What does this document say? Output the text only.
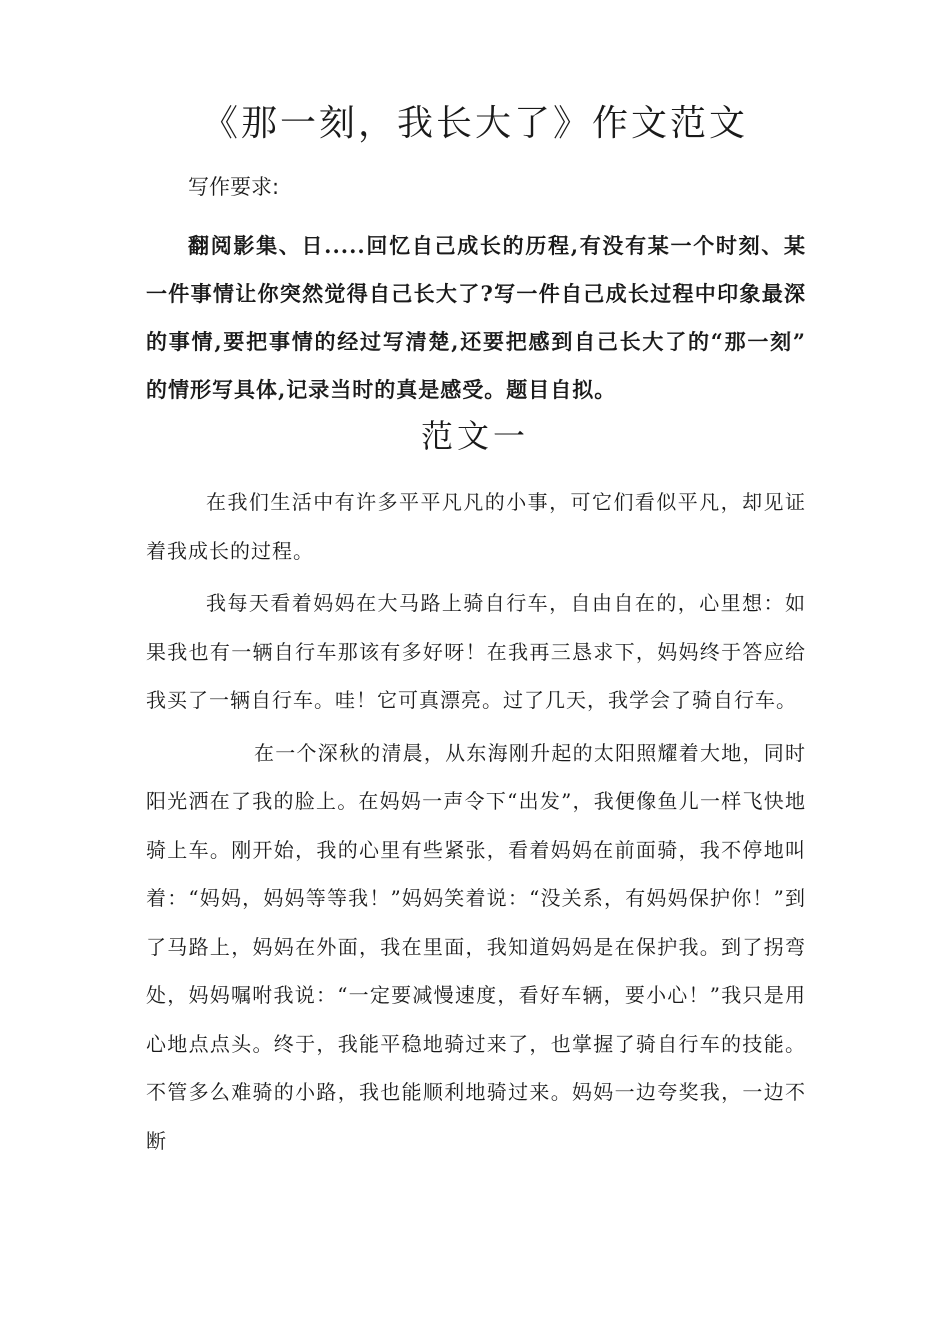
《那一刻，我长大了》作文范文
写作要求:

翻阅影集、日.....回忆自己成长的历程,有没有某一个时刻、某一件事情让你突然觉得自己长大了?写一件自己成长过程中印象最深的事情,要把事情的经过写清楚,还要把感到自己长大了的“那一刻” 的情形写具体,记录当时的真是感受。题目自拟。

范文一

在我们生活中有许多平平凡凡的小事，可它们看似平凡，却见证着我成长的过程。

我每天看着妈妈在大马路上骑自行车，自由自在的，心里想：如果我也有一辆自行车那该有多好呀！在我再三恳求下，妈妈终于答应给我买了一辆自行车。哇！它可真漂亮。过了几天，我学会了骑自行车。

在一个深秋的清晨，从东海刚升起的太阳照耀着大地，同时阳光洒在了我的脸上。在妈妈一声令下“出发”，我便像鱼儿一样飞快地骑上车。刚开始，我的心里有些紧张，看着妈妈在前面骑，我不停地叫着：“妈妈，妈妈等等我！”妈妈笑着说：“没关系，有妈妈保护你！”到了马路上，妈妈在外面，我在里面，我知道妈妈是在保护我。到了拐弯处，妈妈嘱咐我说：“一定要减慢速度，看好车辆，要小心！”我只是用心地点点头。终于，我能平稳地骑过来了，也掌握了骑自行车的技能。不管多么难骑的小路，我也能顺利地骑过来。妈妈一边夸奖我，一边不断
